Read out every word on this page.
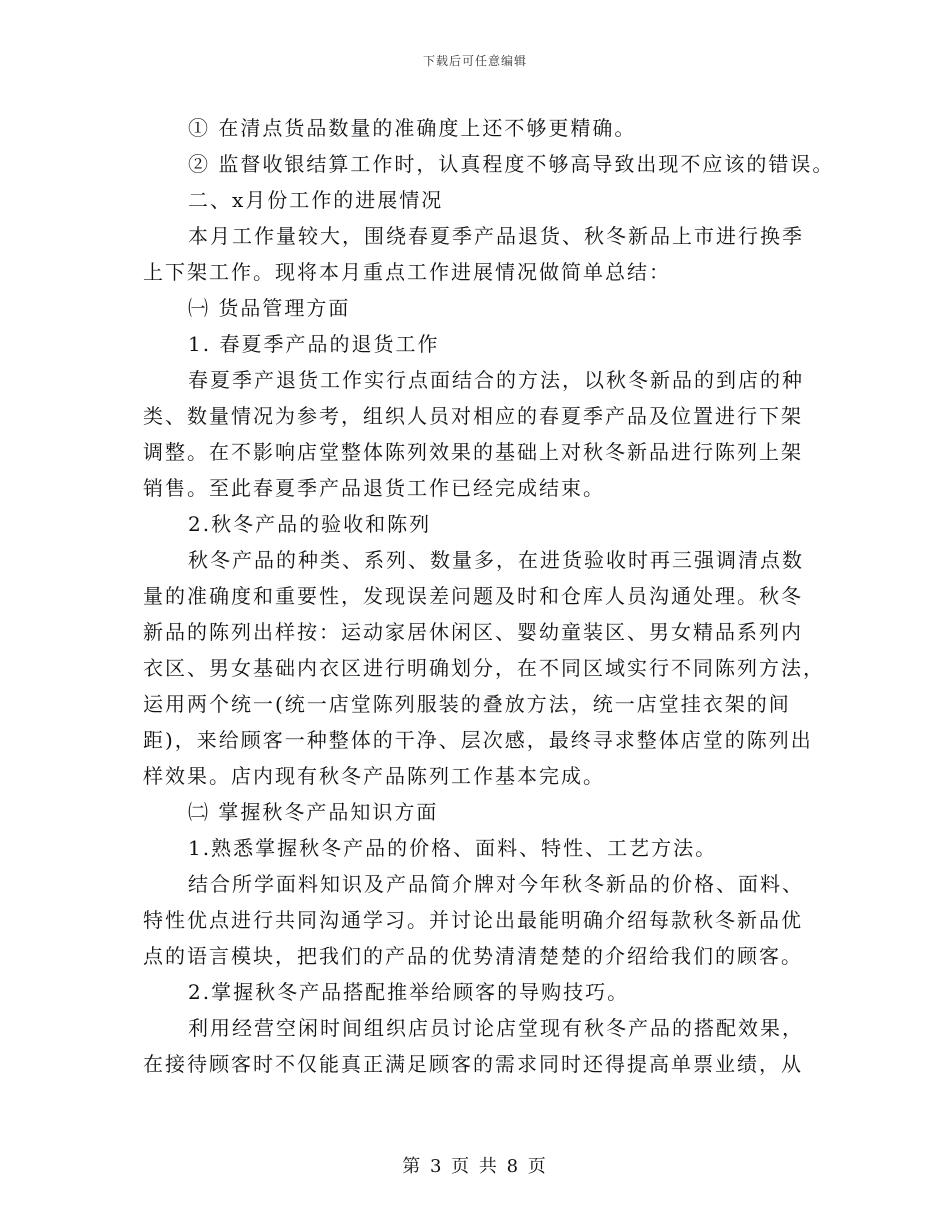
下载后可任意编辑
① 在清点货品数量的准确度上还不够更精确。
② 监督收银结算工作时，认真程度不够高导致出现不应该的错误。
二、x月份工作的进展情况
本月工作量较大，围绕春夏季产品退货、秋冬新品上市进行换季
上下架工作。现将本月重点工作进展情况做简单总结：
㈠ 货品管理方面
1. 春夏季产品的退货工作
春夏季产退货工作实行点面结合的方法，以秋冬新品的到店的种
类、数量情况为参考，组织人员对相应的春夏季产品及位置进行下架
调整。在不影响店堂整体陈列效果的基础上对秋冬新品进行陈列上架
销售。至此春夏季产品退货工作已经完成结束。
2.秋冬产品的验收和陈列
秋冬产品的种类、系列、数量多，在进货验收时再三强调清点数
量的准确度和重要性，发现误差问题及时和仓库人员沟通处理。秋冬
新品的陈列出样按：运动家居休闲区、婴幼童装区、男女精品系列内
衣区、男女基础内衣区进行明确划分，在不同区域实行不同陈列方法，
运用两个统一(统一店堂陈列服装的叠放方法，统一店堂挂衣架的间
距)，来给顾客一种整体的干净、层次感，最终寻求整体店堂的陈列出
样效果。店内现有秋冬产品陈列工作基本完成。
㈡ 掌握秋冬产品知识方面
1.熟悉掌握秋冬产品的价格、面料、特性、工艺方法。
结合所学面料知识及产品简介牌对今年秋冬新品的价格、面料、
特性优点进行共同沟通学习。并讨论出最能明确介绍每款秋冬新品优
点的语言模块，把我们的产品的优势清清楚楚的介绍给我们的顾客。
2.掌握秋冬产品搭配推举给顾客的导购技巧。
利用经营空闲时间组织店员讨论店堂现有秋冬产品的搭配效果，
在接待顾客时不仅能真正满足顾客的需求同时还得提高单票业绩，从
第 3 页 共 8 页
